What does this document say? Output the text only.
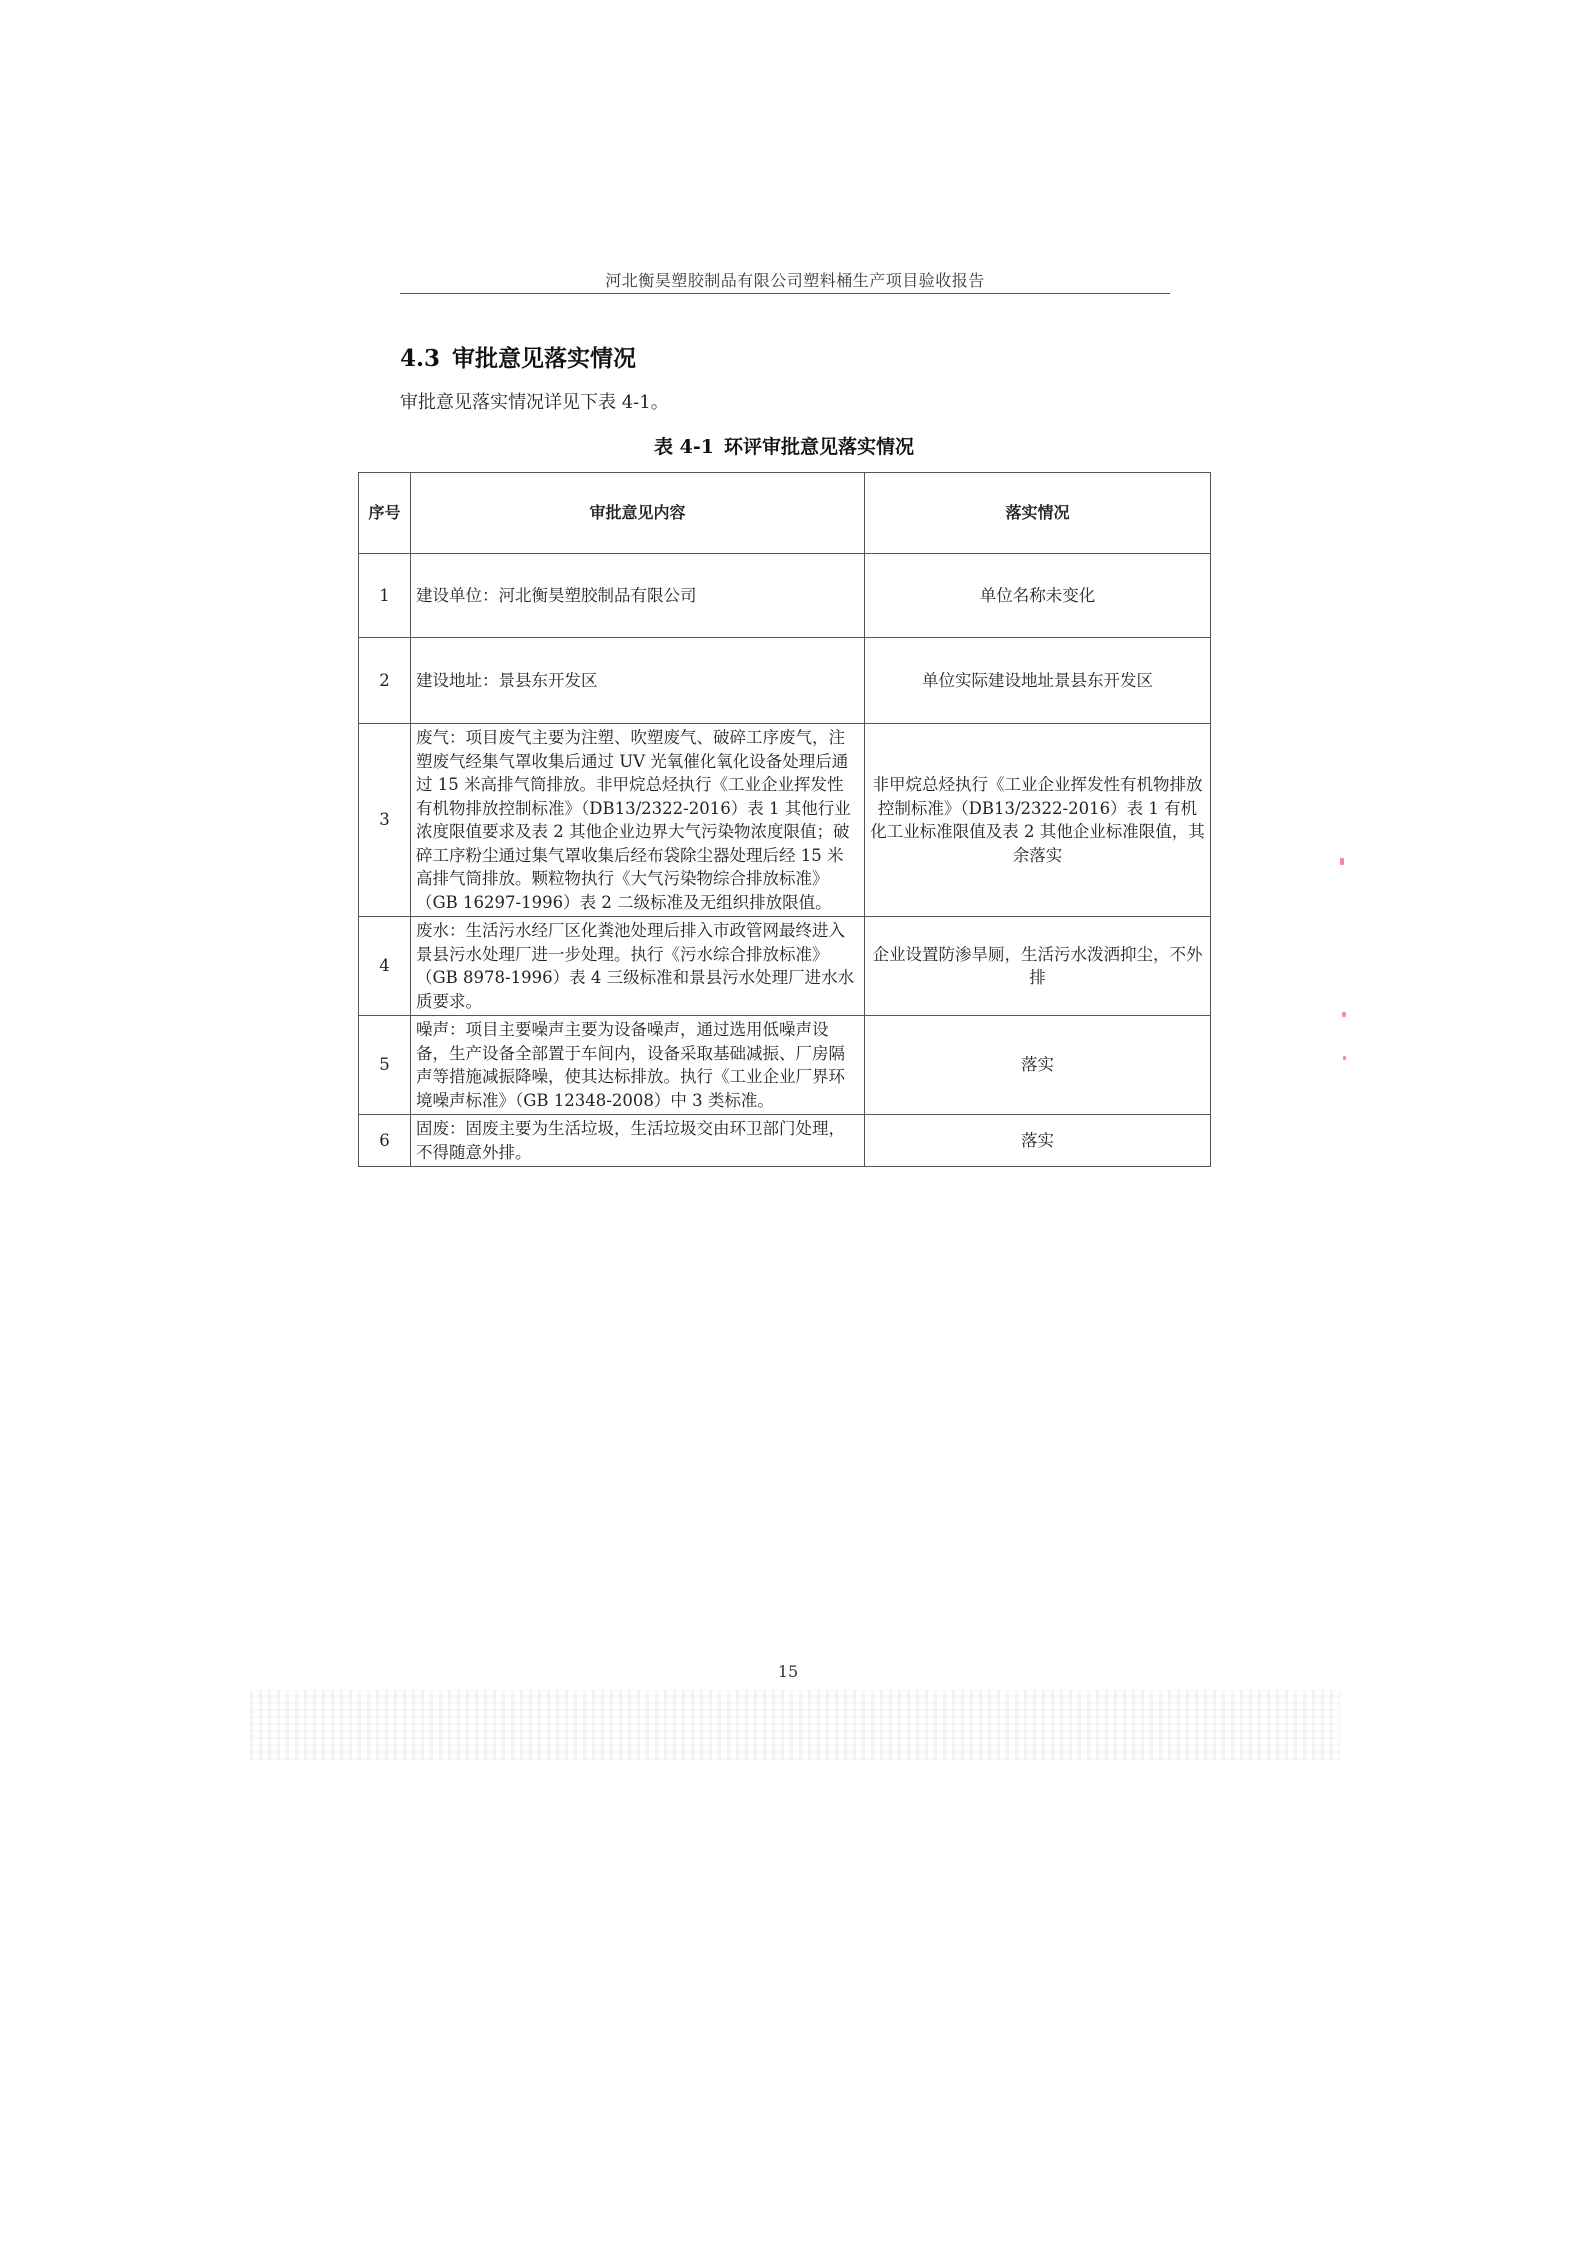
河北衡昊塑胶制品有限公司塑料桶生产项目验收报告
4.3 审批意见落实情况
审批意见落实情况详见下表 4-1。
表 4-1 环评审批意见落实情况
序号	审批意见内容	落实情况
1	建设单位：河北衡昊塑胶制品有限公司	单位名称未变化
2	建设地址：景县东开发区	单位实际建设地址景县东开发区
3	废气：项目废气主要为注塑、吹塑废气、破碎工序废气，注塑废气经集气罩收集后通过 UV 光氧催化氧化设备处理后通过 15 米高排气筒排放。非甲烷总烃执行《工业企业挥发性有机物排放控制标准》（DB13/2322-2016）表 1 其他行业浓度限值要求及表 2 其他企业边界大气污染物浓度限值；破碎工序粉尘通过集气罩收集后经布袋除尘器处理后经 15 米高排气筒排放。颗粒物执行《大气污染物综合排放标准》（GB 16297-1996）表 2 二级标准及无组织排放限值。	非甲烷总烃执行《工业企业挥发性有机物排放控制标准》（DB13/2322-2016）表 1 有机化工业标准限值及表 2 其他企业标准限值，其余落实
4	废水：生活污水经厂区化粪池处理后排入市政管网最终进入景县污水处理厂进一步处理。执行《污水综合排放标准》（GB 8978-1996）表 4 三级标准和景县污水处理厂进水水质要求。	企业设置防渗旱厕，生活污水泼洒抑尘，不外排
5	噪声：项目主要噪声主要为设备噪声，通过选用低噪声设备，生产设备全部置于车间内，设备采取基础减振、厂房隔声等措施减振降噪，使其达标排放。执行《工业企业厂界环境噪声标准》（GB 12348-2008）中 3 类标准。	落实
6	固废：固废主要为生活垃圾，生活垃圾交由环卫部门处理，不得随意外排。	落实
15
